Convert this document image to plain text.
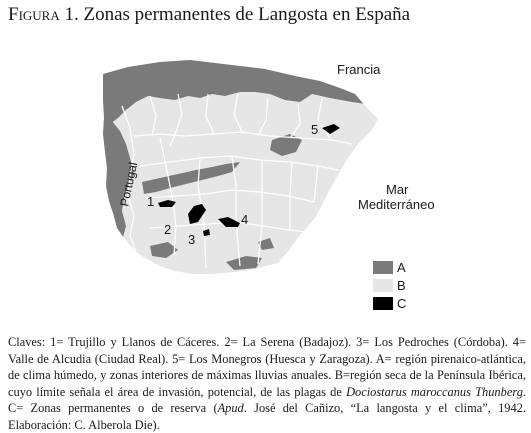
Figura 1. Zonas permanentes de Langosta en España
1
2
3
4
5
Francia
Portugal	Mar
Mediterráneo
A
B
C
Claves: 1= Trujillo y Llanos de Cáceres. 2= La Serena (Badajoz). 3= Los Pedroches (Córdoba). 4= Valle de Alcudia (Ciudad Real). 5= Los Monegros (Huesca y Zaragoza). A= región pirenaico-atlántica, de clima húmedo, y zonas interiores de máximas lluvias anuales. B=región seca de la Península Ibérica, cuyo límite señala el área de invasión, potencial, de las plagas de Dociostarus maroccanus Thunberg. C= Zonas permanentes o de reserva (Apud. José del Cañizo, “La langosta y el clima”, 1942. Elaboración: C. Alberola Die).
